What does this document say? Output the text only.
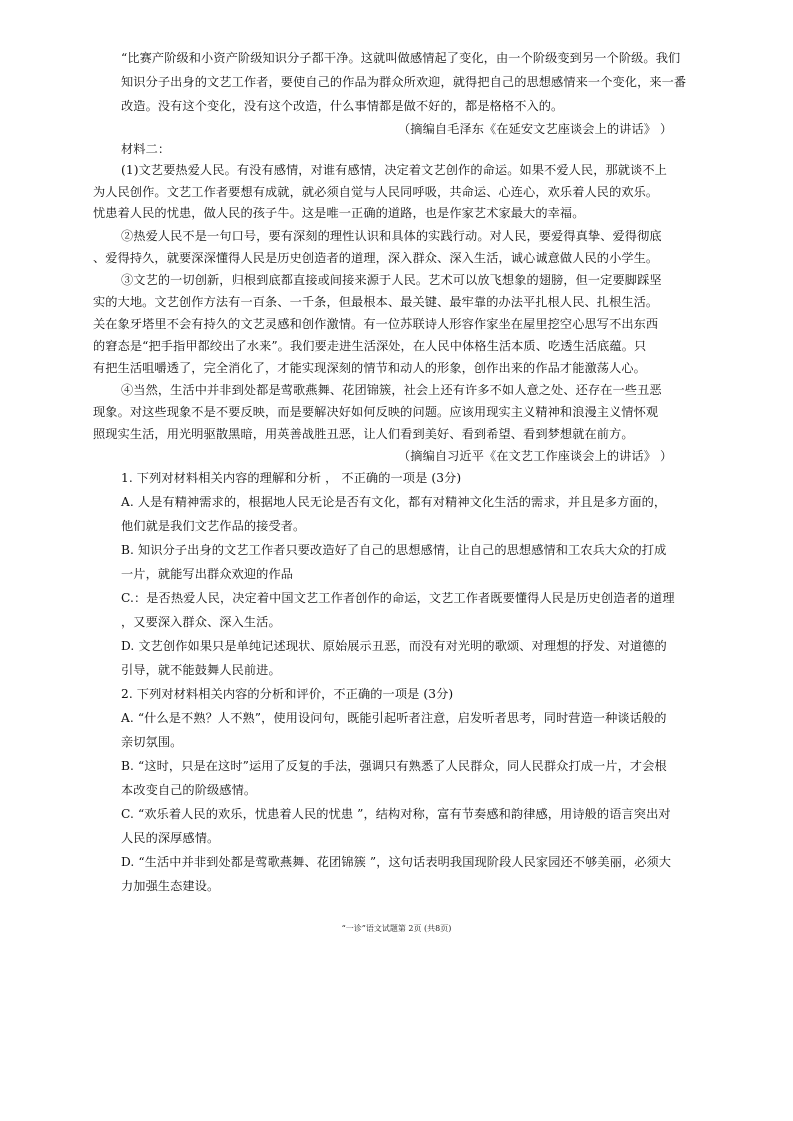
“比赛产阶级和小资产阶级知识分子都干净。这就叫做感情起了变化，由一个阶级变到另一个阶级。我们

知识分子出身的文艺工作者，要使自己的作品为群众所欢迎，就得把自己的思想感情来一个变化，来一番

改造。没有这个变化，没有这个改造，什么事情都是做不好的，都是格格不入的。

（摘编自毛泽东《在延安文艺座谈会上的讲话》 ）

材料二：

(1)文艺要热爱人民。有没有感情，对谁有感情，决定着文艺创作的命运。如果不爱人民，那就谈不上

为人民创作。文艺工作者要想有成就，就必须自觉与人民同呼吸，共命运、心连心，欢乐着人民的欢乐。

忧患着人民的忧患，做人民的孩子牛。这是唯一正确的道路，也是作家艺术家最大的幸福。

②热爱人民不是一句口号，要有深刻的理性认识和具体的实践行动。对人民，要爱得真挚、爱得彻底

、爱得持久，就要深深懂得人民是历史创造者的道理，深入群众、深入生活，诚心诚意做人民的小学生。

③文艺的一切创新，归根到底都直接或间接来源于人民。艺术可以放飞想象的翅膀，但一定要脚踩坚

实的大地。文艺创作方法有一百条、一千条，但最根本、最关键、最牢靠的办法平扎根人民、扎根生活。

关在象牙塔里不会有持久的文艺灵感和创作激情。有一位苏联诗人形容作家坐在屋里挖空心思写不出东西

的窘态是“把手指甲都绞出了水来”。我们要走进生活深处，在人民中体格生活本质、吃透生活底蕴。只

有把生活咀嚼透了，完全消化了，才能实现深刻的情节和动人的形象，创作出来的作品才能激荡人心。

④当然，生活中并非到处都是莺歌燕舞、花团锦簇，社会上还有许多不如人意之处、还存在一些丑恶

现象。对这些现象不是不要反映，而是要解决好如何反映的问题。应该用现实主义精神和浪漫主义情怀观

照现实生活，用光明驱散黑暗，用英善战胜丑恶，让人们看到美好、看到希望、看到梦想就在前方。

（摘编自习近平《在文艺工作座谈会上的讲话》 ）

1. 下列对材料相关内容的理解和分析 ， 不正确的一项是 (3分)

A. 人是有精神需求的，根据地人民无论是否有文化，都有对精神文化生活的需求，并且是多方面的，

他们就是我们文艺作品的接受者。

B. 知识分子出身的文艺工作者只要改造好了自己的思想感情，让自己的思想感情和工农兵大众的打成

一片，就能写出群众欢迎的作品

C.：是否热爱人民，决定着中国文艺工作者创作的命运，文艺工作者既要懂得人民是历史创造者的道理

，又要深入群众、深入生活。

D. 文艺创作如果只是单纯记述现状、原始展示丑恶，而没有对光明的歌颂、对理想的抒发、对道德的

引导，就不能鼓舞人民前进。

2. 下列对材料相关内容的分析和评价，不正确的一项是 (3分)

A. “什么是不熟？人不熟”，使用设问句，既能引起听者注意，启发听者思考，同时营造一种谈话般的

亲切氛围。

B. “这时，只是在这时”运用了反复的手法，强调只有熟悉了人民群众，同人民群众打成一片，才会根

本改变自己的阶级感情。

C. “欢乐着人民的欢乐，忧患着人民的忧患 ”，结构对称，富有节奏感和韵律感，用诗般的语言突出对

人民的深厚感情。

D. “生活中并非到处都是莺歌燕舞、花团锦簇 ”，这句话表明我国现阶段人民家园还不够美丽，必须大

力加强生态建设。

“一诊”语文试题第 2页 (共8页)
